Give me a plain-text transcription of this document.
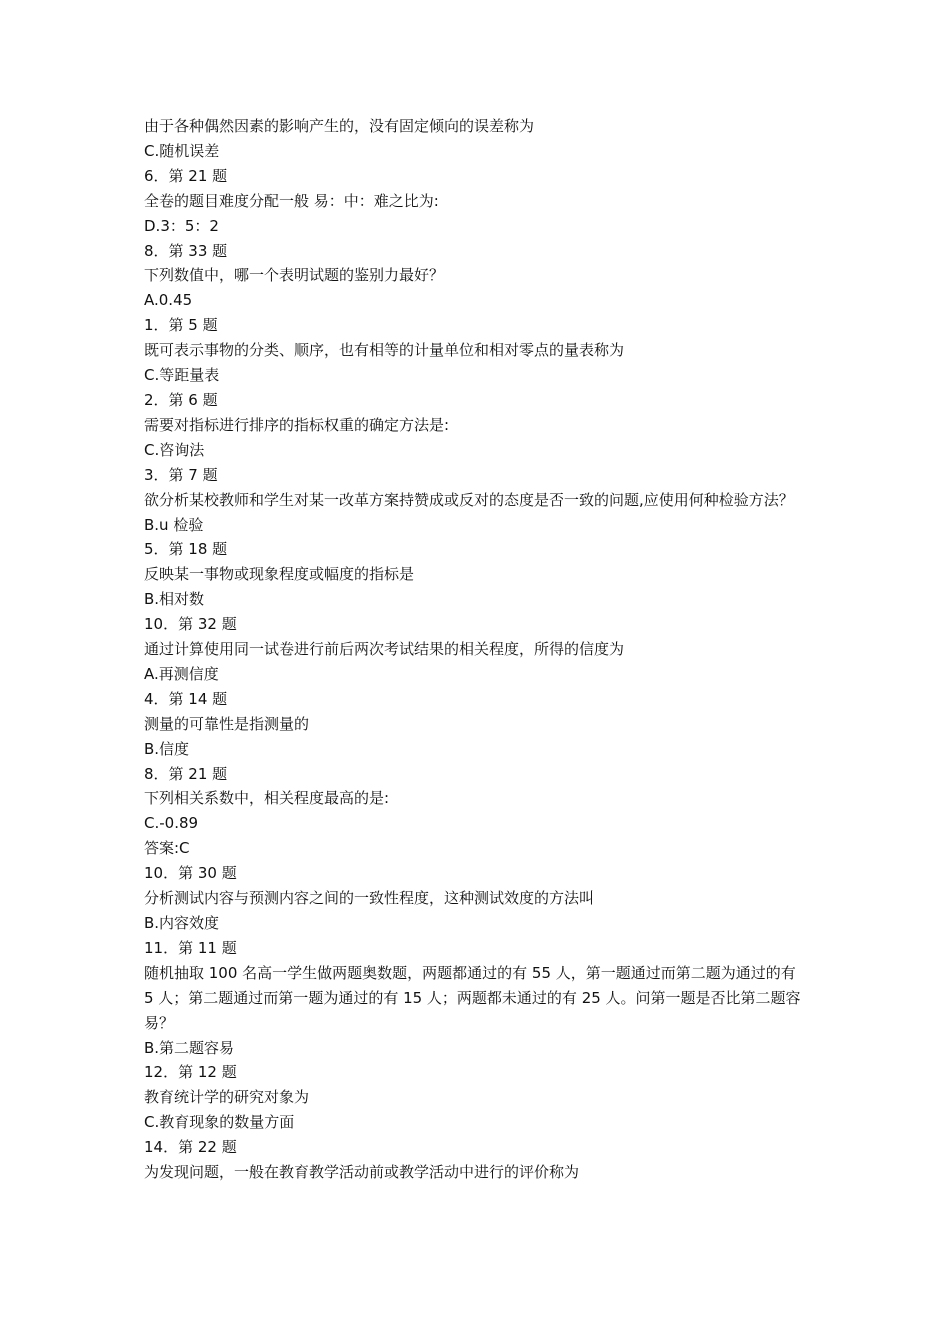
由于各种偶然因素的影响产生的，没有固定倾向的误差称为
C.随机误差
6．第 21 题
全卷的题目难度分配一般 易：中：难之比为:
D.3：5：2
8．第 33 题
下列数值中，哪一个表明试题的鉴别力最好？
A.0.45
1．第 5 题
既可表示事物的分类、顺序，也有相等的计量单位和相对零点的量表称为
C.等距量表
2．第 6 题
需要对指标进行排序的指标权重的确定方法是:
C.咨询法
3．第 7 题
欲分析某校教师和学生对某一改革方案持赞成或反对的态度是否一致的问题,应使用何种检验方法？
B.u 检验
5．第 18 题
反映某一事物或现象程度或幅度的指标是
B.相对数
10．第 32 题
通过计算使用同一试卷进行前后两次考试结果的相关程度，所得的信度为
A.再测信度
4．第 14 题
测量的可靠性是指测量的
B.信度
8．第 21 题
下列相关系数中，相关程度最高的是:
C.-0.89
答案:C
10．第 30 题
分析测试内容与预测内容之间的一致性程度，这种测试效度的方法叫
B.内容效度
11．第 11 题
随机抽取 100 名高一学生做两题奥数题，两题都通过的有 55 人，第一题通过而第二题为通过的有 5 人；第二题通过而第一题为通过的有 15 人；两题都未通过的有 25 人。问第一题是否比第二题容易？
B.第二题容易
12．第 12 题
教育统计学的研究对象为
C.教育现象的数量方面
14．第 22 题
为发现问题，一般在教育教学活动前或教学活动中进行的评价称为
